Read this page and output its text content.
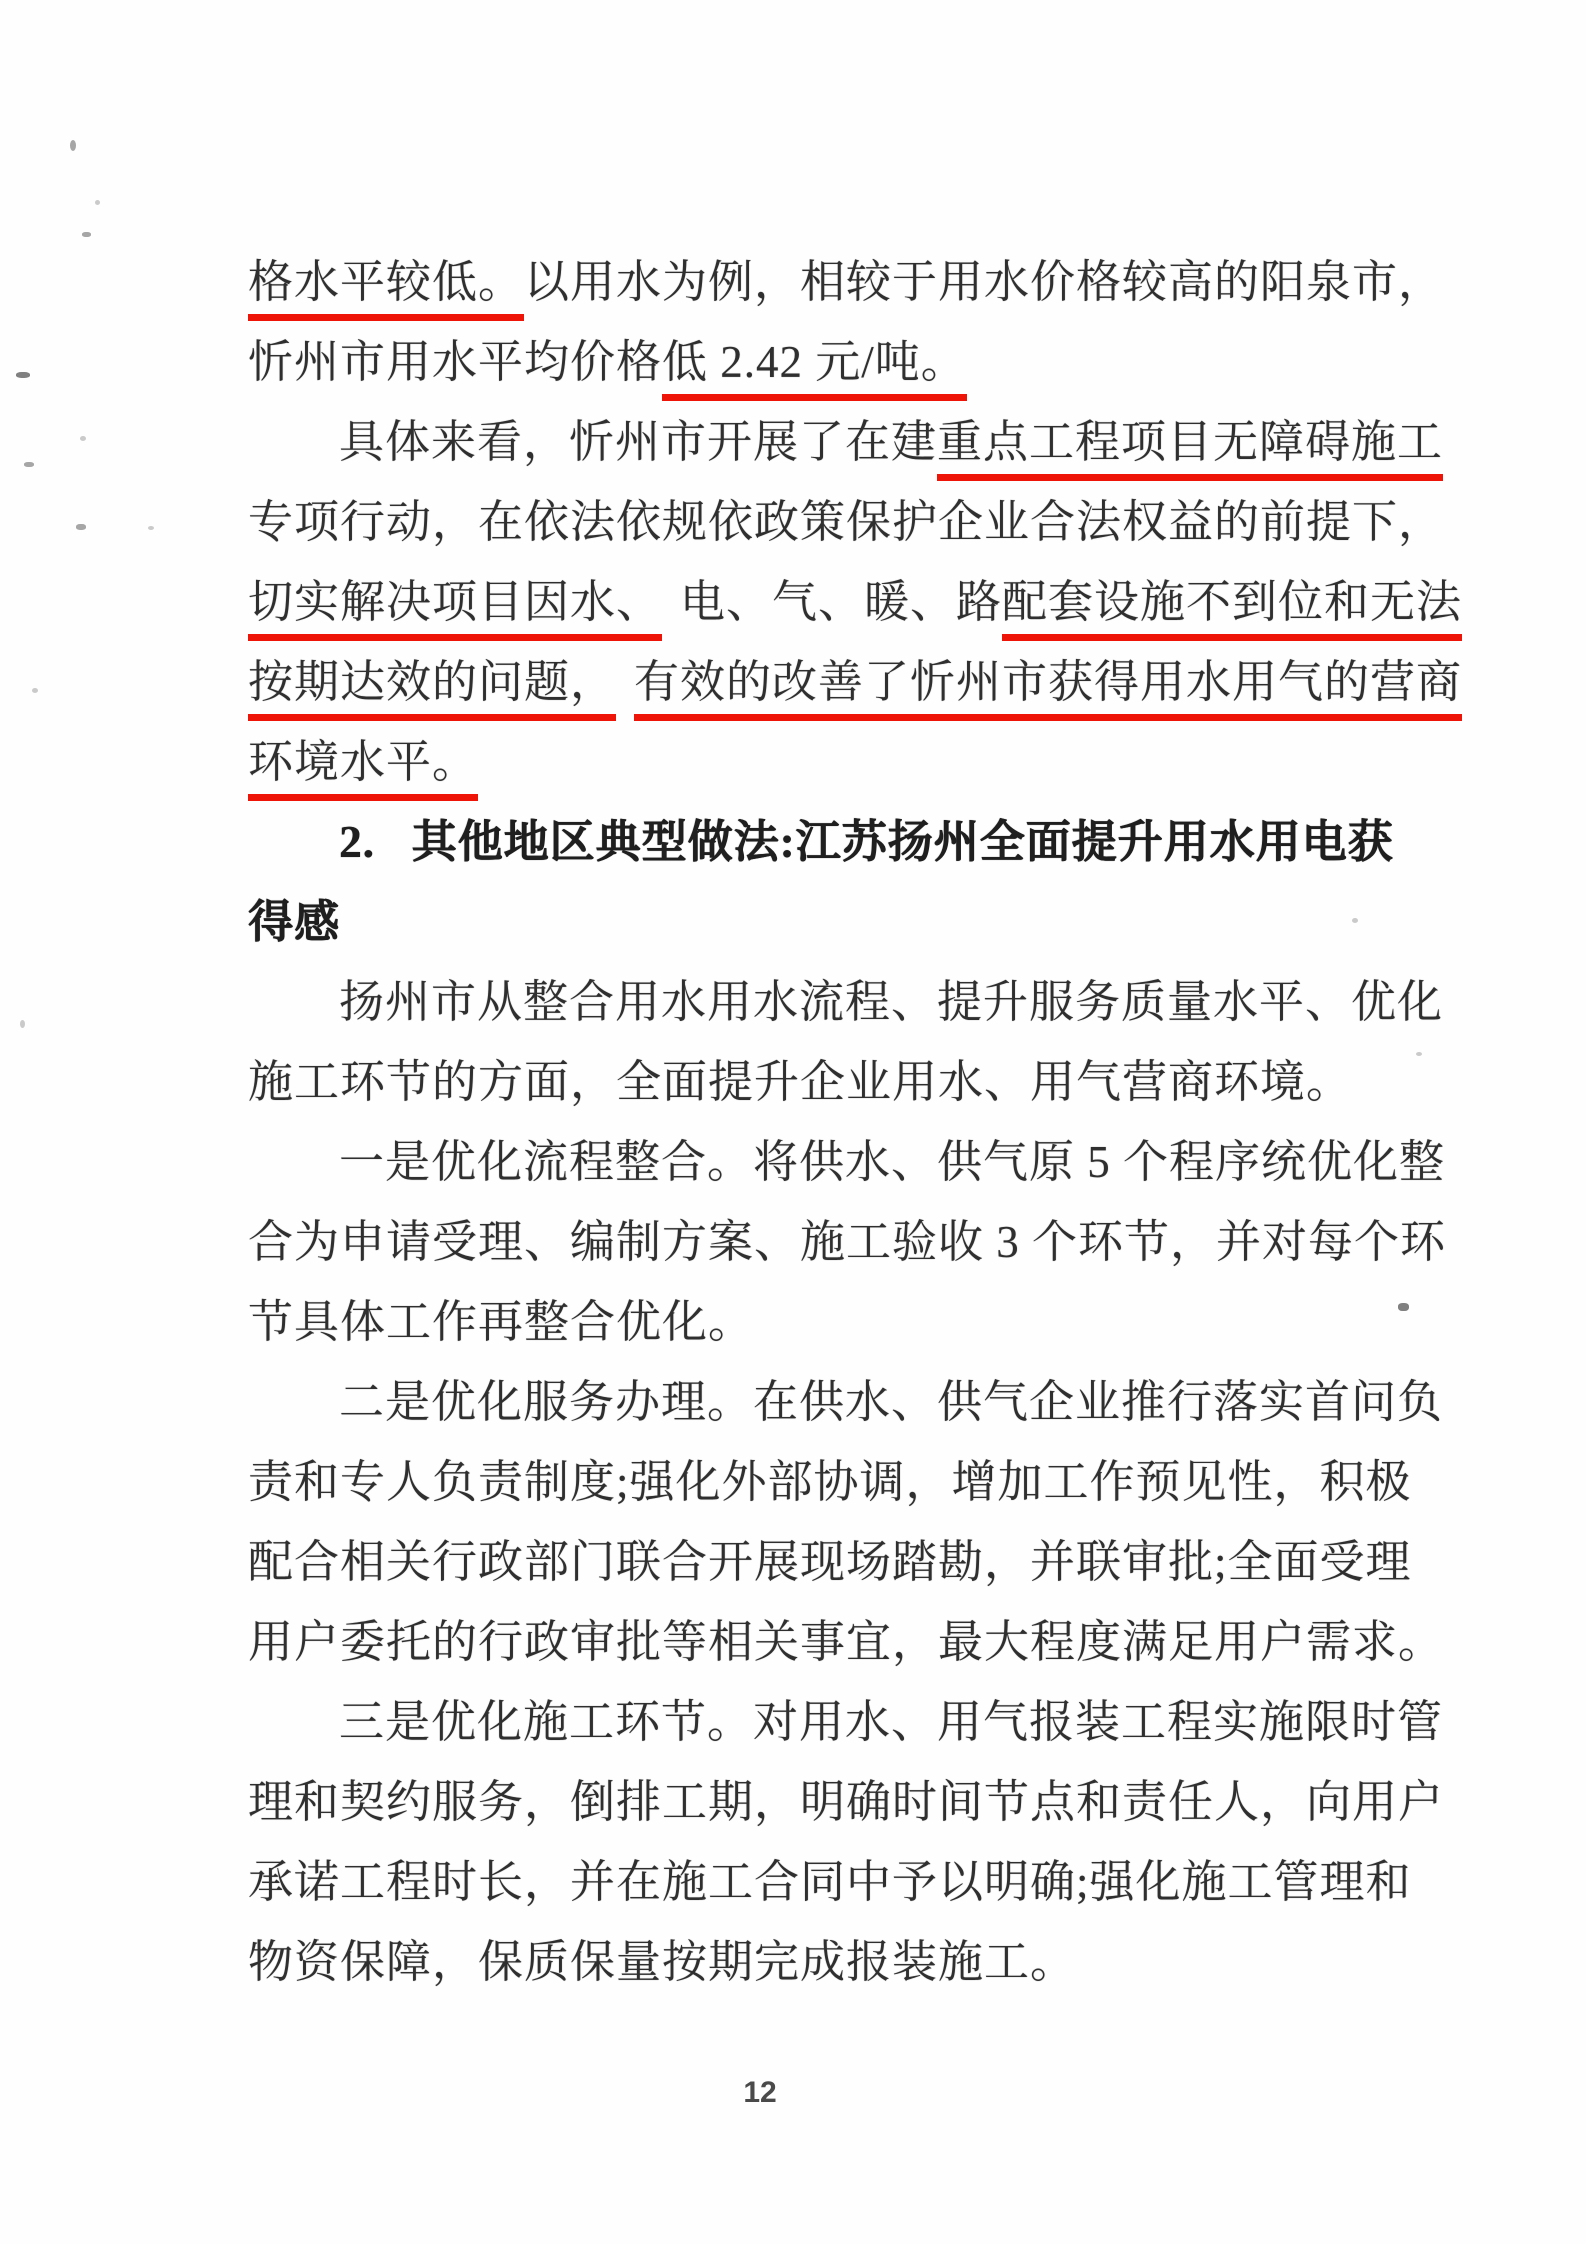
格水平较低。以用水为例，相较于用水价格较高的阳泉市，
忻州市用水平均价格低 2.42 元/吨。
具体来看，忻州市开展了在建重点工程项目无障碍施工
专项行动，在依法依规依政策保护企业合法权益的前提下，
切实解决项目因水、 电、气、暖、路配套设施不到位和无法
按期达效的问题， 有效的改善了忻州市获得用水用气的营商
环境水平。
2.   其他地区典型做法:江苏扬州全面提升用水用电获
得感
扬州市从整合用水用水流程、提升服务质量水平、优化
施工环节的方面，全面提升企业用水、用气营商环境。
一是优化流程整合。将供水、供气原 5 个程序统优化整
合为申请受理、编制方案、施工验收 3 个环节，并对每个环
节具体工作再整合优化。
二是优化服务办理。在供水、供气企业推行落实首问负
责和专人负责制度;强化外部协调，增加工作预见性，积极
配合相关行政部门联合开展现场踏勘，并联审批;全面受理
用户委托的行政审批等相关事宜，最大程度满足用户需求。
三是优化施工环节。对用水、用气报装工程实施限时管
理和契约服务，倒排工期，明确时间节点和责任人，向用户
承诺工程时长，并在施工合同中予以明确;强化施工管理和
物资保障，保质保量按期完成报装施工。
12
